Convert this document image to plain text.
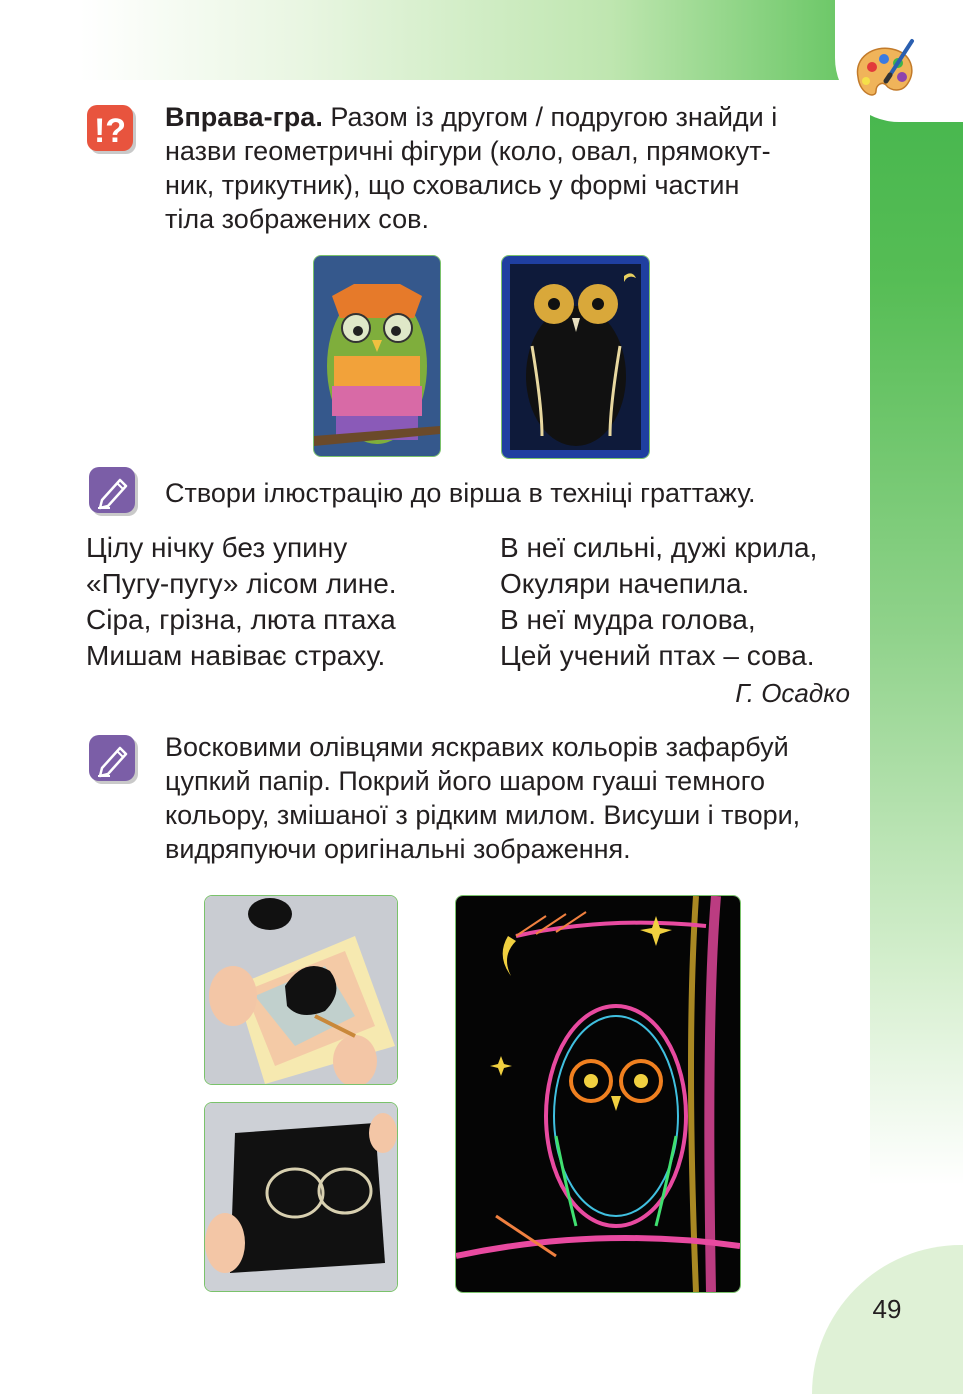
!? Вправа-гра. Разом із другом / подругою знайди і
назви геометричні фігури (коло, овал, прямокут-
ник, трикутник), що сховались у формі частин
тіла зображених сов.
Створи ілюстрацію до вірша в техніці граттажу.
Цілу нічку без упину
«Пугу-пугу» лісом лине.
Сіра, грізна, люта птаха
Мишам навіває страху.
В неї сильні, дужі крила,
Окуляри начепила.
В неї мудра голова,
Цей учений птах – сова.
Г. Осадко
Восковими олівцями яскравих кольорів зафарбуй
цупкий папір. Покрий його шаром гуаші темного
кольору, змішаної з рідким милом. Висуши і твори,
видряпуючи оригінальні зображення.
49
